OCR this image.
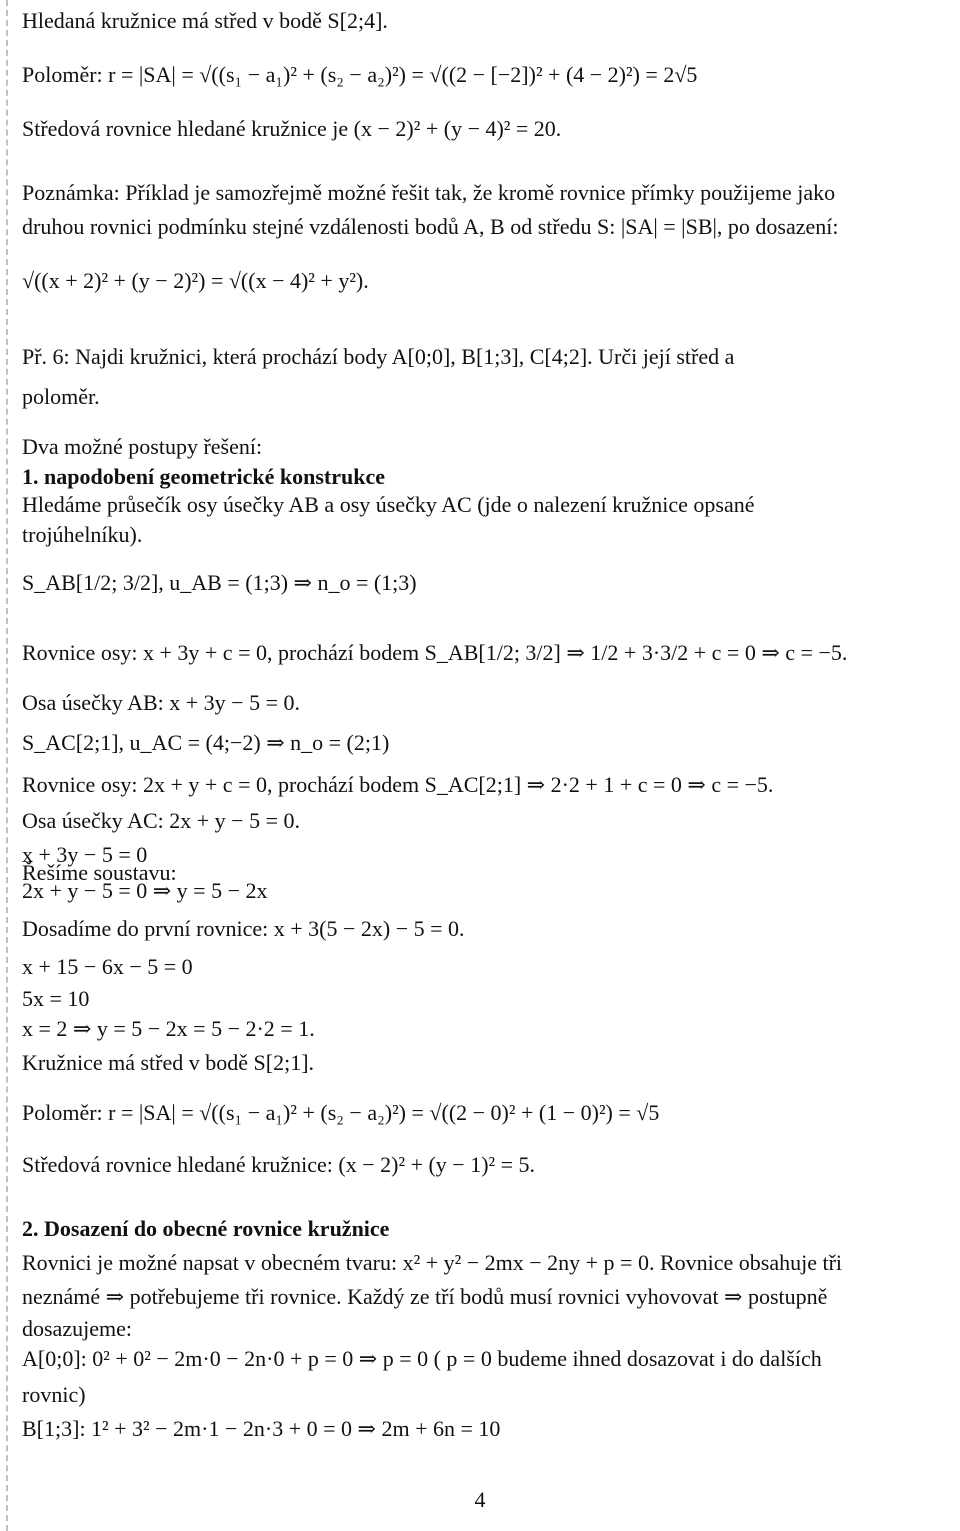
Hledaná kružnice má střed v bodě S[2;4].
Poloměr: r = |SA| = √((s₁ − a₁)² + (s₂ − a₂)²) = √((2 − [−2])² + (4 − 2)²) = 2√5
Středová rovnice hledané kružnice je (x − 2)² + (y − 4)² = 20.
Poznámka: Příklad je samozřejmě možné řešit tak, že kromě rovnice přímky použijeme jako
druhou rovnici podmínku stejné vzdálenosti bodů A, B od středu S: |SA| = |SB|, po dosazení:
√((x + 2)² + (y − 2)²) = √((x − 4)² + y²).
Př. 6: Najdi kružnici, která prochází body A[0;0], B[1;3], C[4;2]. Urči její střed a
poloměr.
Dva možné postupy řešení:
1. napodobení geometrické konstrukce
Hledáme průsečík osy úsečky AB a osy úsečky AC (jde o nalezení kružnice opsané
trojúhelníku).
S_AB[1/2; 3/2], u_AB = (1;3) ⇒ n_o = (1;3)
Rovnice osy: x + 3y + c = 0, prochází bodem S_AB[1/2; 3/2] ⇒ 1/2 + 3·3/2 + c = 0 ⇒ c = −5.
Osa úsečky AB: x + 3y − 5 = 0.
S_AC[2;1], u_AC = (4;−2) ⇒ n_o = (2;1)
Rovnice osy: 2x + y + c = 0, prochází bodem S_AC[2;1] ⇒ 2·2 + 1 + c = 0 ⇒ c = −5.
Osa úsečky AC: 2x + y − 5 = 0.
x + 3y − 5 = 0
Řešíme soustavu:
2x + y − 5 = 0 ⇒ y = 5 − 2x
Dosadíme do první rovnice: x + 3(5 − 2x) − 5 = 0.
x + 15 − 6x − 5 = 0
5x = 10
x = 2 ⇒ y = 5 − 2x = 5 − 2·2 = 1.
Kružnice má střed v bodě S[2;1].
Poloměr: r = |SA| = √((s₁ − a₁)² + (s₂ − a₂)²) = √((2 − 0)² + (1 − 0)²) = √5
Středová rovnice hledané kružnice: (x − 2)² + (y − 1)² = 5.
2. Dosazení do obecné rovnice kružnice
Rovnici je možné napsat v obecném tvaru: x² + y² − 2mx − 2ny + p = 0. Rovnice obsahuje tři
neznámé ⇒ potřebujeme tři rovnice. Každý ze tří bodů musí rovnici vyhovovat ⇒ postupně
dosazujeme:
A[0;0]: 0² + 0² − 2m·0 − 2n·0 + p = 0 ⇒ p = 0 ( p = 0 budeme ihned dosazovat i do dalších
rovnic)
B[1;3]: 1² + 3² − 2m·1 − 2n·3 + 0 = 0 ⇒ 2m + 6n = 10
4
